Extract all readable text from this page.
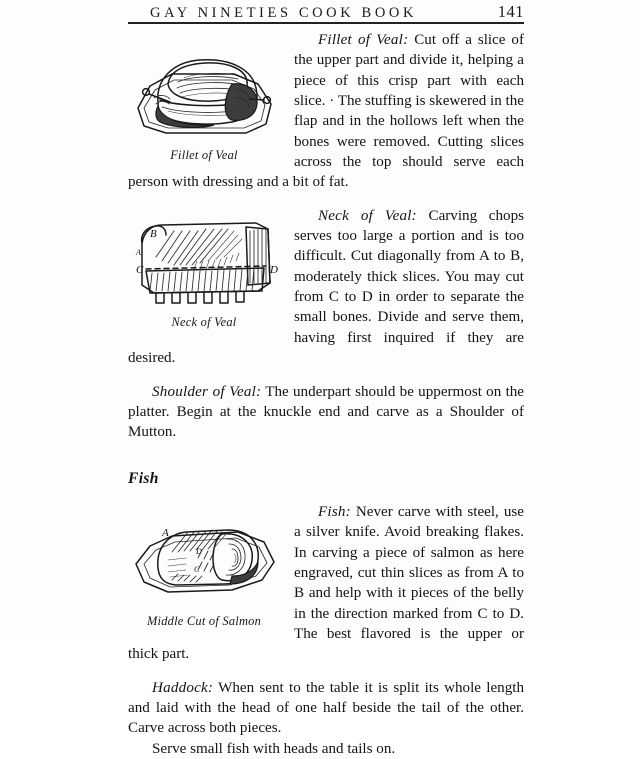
GAY NINETIES COOK BOOK	141
Fillet of Veal

Fillet of Veal: Cut off a slice of the upper part and divide it, helping a piece of this crisp part with each slice. · The stuffing is skewered in the flap and in the hollows left when the bones were removed. Cutting slices across the top should serve each person with dressing and a bit of fat.

B
A
C	D
Neck of Veal

Neck of Veal: Carving chops serves too large a portion and is too difficult. Cut diagonally from A to B, moderately thick slices. You may cut from C to D in order to separate the small bones. Divide and serve them, having first inquired if they are desired.

Shoulder of Veal: The underpart should be uppermost on the platter. Begin at the knuckle end and carve as a Shoulder of Mutton.

Fish

A
D
C
Middle Cut of Salmon

Fish: Never carve with steel, use a silver knife. Avoid breaking flakes. In carving a piece of salmon as here engraved, cut thin slices as from A to B and help with it pieces of the belly in the direction marked from C to D. The best flavored is the upper or thick part.

Haddock: When sent to the table it is split its whole length and laid with the head of one half beside the tail of the other. Carve across both pieces.

Serve small fish with heads and tails on.
